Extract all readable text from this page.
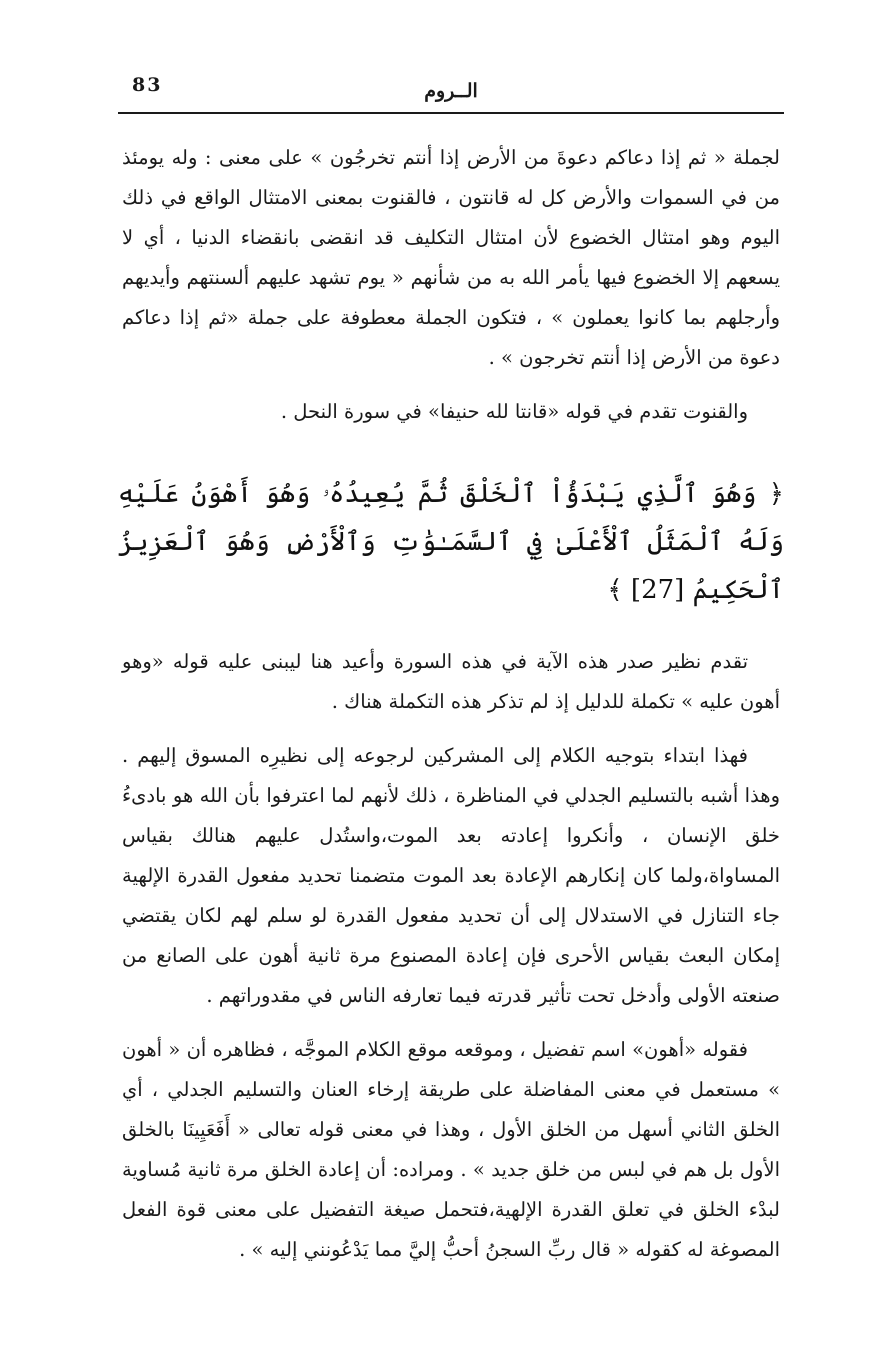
83	الــروم

لجملة « ثم إذا دعاكم دعوةَ من الأرض إذا أنتم تخرجُون » على معنى : وله يومئذ من في السموات والأرض كل له قانتون ، فالقنوت بمعنى الامتثال الواقع في ذلك اليوم وهو امتثال الخضوع لأن امتثال التكليف قد انقضى بانقضاء الدنيا ، أي لا يسعهم إلا الخضوع فيها يأمر الله به من شأنهم « يوم تشهد عليهم ألسنتهم وأيديهم وأرجلهم بما كانوا يعملون » ، فتكون الجملة معطوفة على جملة «ثم إذا دعاكم دعوة من الأرض إذا أنتم تخرجون » .

والقنوت تقدم في قوله «قانتا لله حنيفا» في سورة النحل .

﴿ وَهُوَ ٱلَّذِي يَبْدَؤُاْ ٱلْخَلْقَ ثُمَّ يُعِيدُهُۥ وَهُوَ أَهْوَنُ عَلَيْهِ وَلَهُ ٱلْمَثَلُ ٱلْأَعْلَىٰ فِي ٱلسَّمَـٰوَٰتِ وَٱلْأَرْضِ وَهُوَ ٱلْعَزِيزُ ٱلْحَكِيمُ [27] ﴾

تقدم نظير صدر هذه الآية في هذه السورة وأعيد هنا ليبنى عليه قوله «وهو أهون عليه » تكملة للدليل إذ لم تذكر هذه التكملة هناك .

فهذا ابتداء بتوجيه الكلام إلى المشركين لرجوعه إلى نظيرِه المسوق إليهم . وهذا أشبه بالتسليم الجدلي في المناظرة ، ذلك لأنهم لما اعترفوا بأن الله هو بادىءُ خلق الإنسان ، وأنكروا إعادته بعد الموت،واستُدل عليهم هنالك بقياس المساواة،ولما كان إنكارهم الإعادة بعد الموت متضمنا تحديد مفعول القدرة الإلهية جاء التنازل في الاستدلال إلى أن تحديد مفعول القدرة لو سلم لهم لكان يقتضي إمكان البعث بقياس الأحرى فإن إعادة المصنوع مرة ثانية أهون على الصانع من صنعته الأولى وأدخل تحت تأثير قدرته فيما تعارفه الناس في مقدوراتهم .

فقوله «أهون» اسم تفضيل ، وموقعه موقع الكلام الموجَّه ، فظاهره أن « أهون » مستعمل في معنى المفاضلة على طريقة إرخاء العنان والتسليم الجدلي ، أي الخلق الثاني أسهل من الخلق الأول ، وهذا في معنى قوله تعالى « أَفَعَيِينَا بالخلق الأول بل هم في لبس من خلق جديد » . ومراده: أن إعادة الخلق مرة ثانية مُساوية لبدْء الخلق في تعلق القدرة الإلهية،فتحمل صيغة التفضيل على معنى قوة الفعل المصوغة له كقوله « قال ربِّ السجنُ أحبُّ إليَّ مما يَدْعُونني إليه » .
